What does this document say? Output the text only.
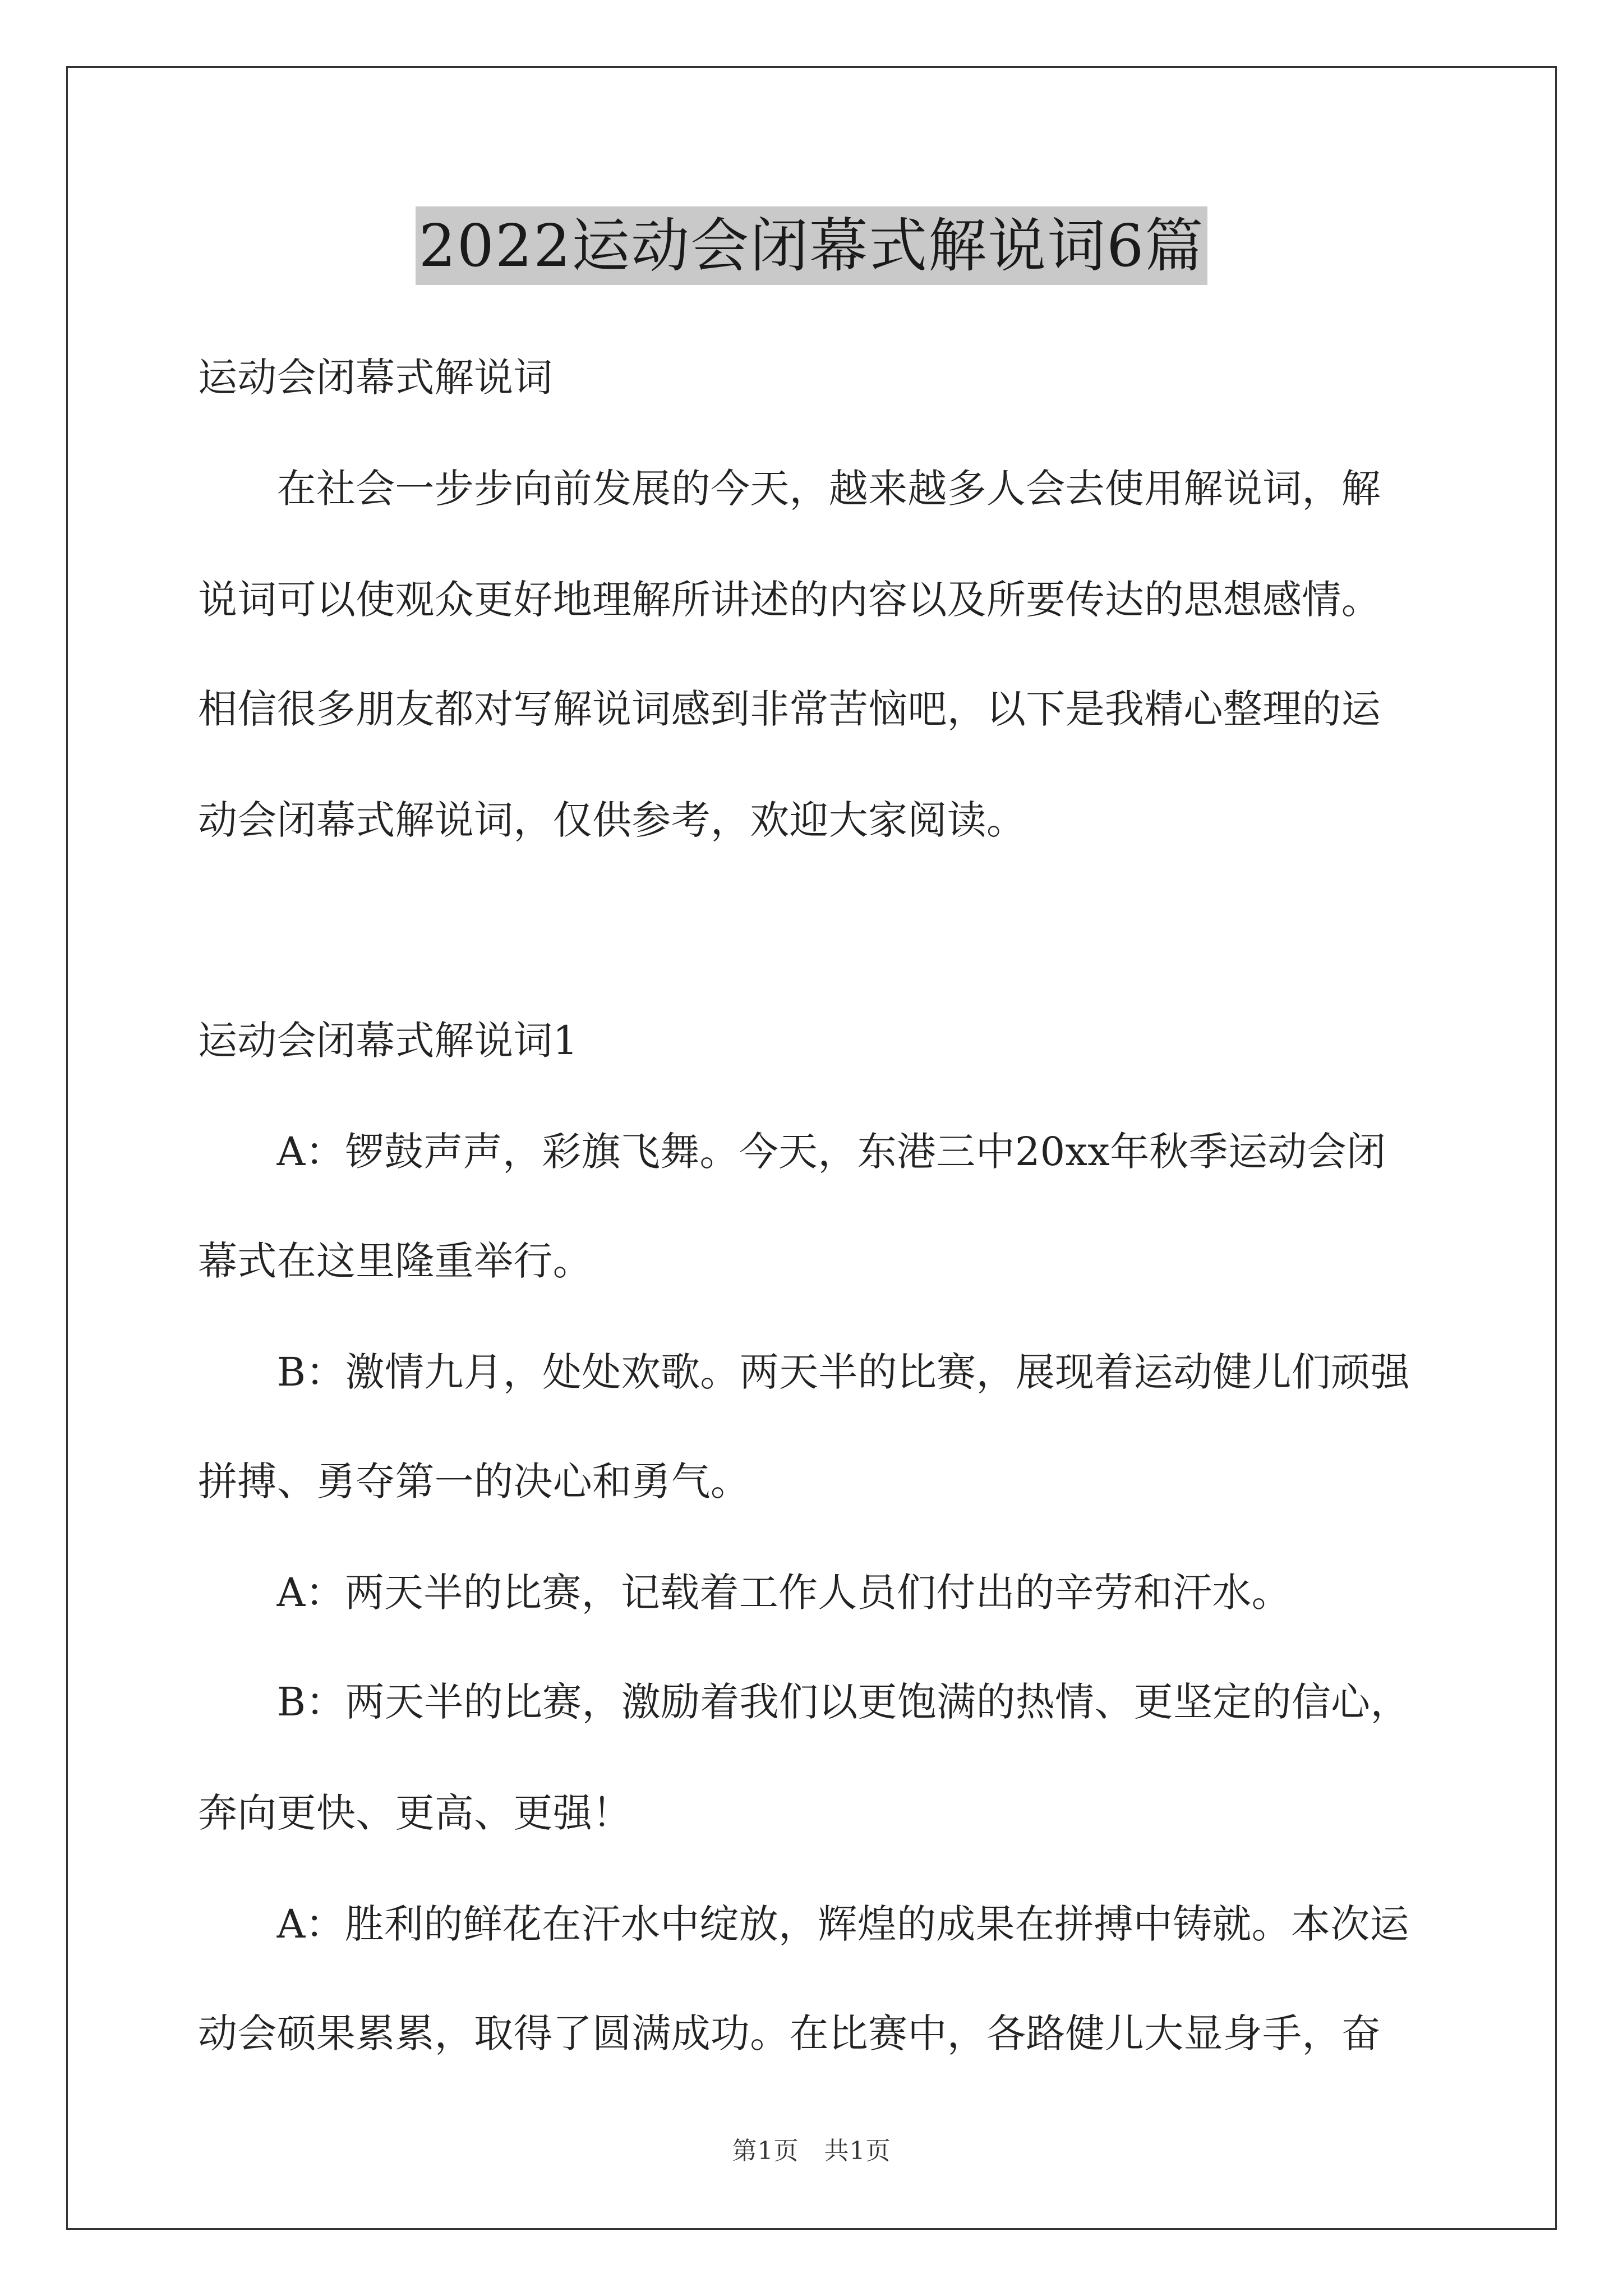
2022运动会闭幕式解说词6篇
运动会闭幕式解说词
　　在社会一步步向前发展的今天，越来越多人会去使用解说词，解
说词可以使观众更好地理解所讲述的内容以及所要传达的思想感情。
相信很多朋友都对写解说词感到非常苦恼吧，以下是我精心整理的运
动会闭幕式解说词，仅供参考，欢迎大家阅读。
运动会闭幕式解说词1
　　A：锣鼓声声，彩旗飞舞。今天，东港三中20xx年秋季运动会闭
幕式在这里隆重举行。
　　B：激情九月，处处欢歌。两天半的比赛，展现着运动健儿们顽强
拼搏、勇夺第一的决心和勇气。
　　A：两天半的比赛，记载着工作人员们付出的辛劳和汗水。
　　B：两天半的比赛，激励着我们以更饱满的热情、更坚定的信心，
奔向更快、更高、更强！
　　A：胜利的鲜花在汗水中绽放，辉煌的成果在拼搏中铸就。本次运
动会硕果累累，取得了圆满成功。在比赛中，各路健儿大显身手，奋
第1页　共1页
